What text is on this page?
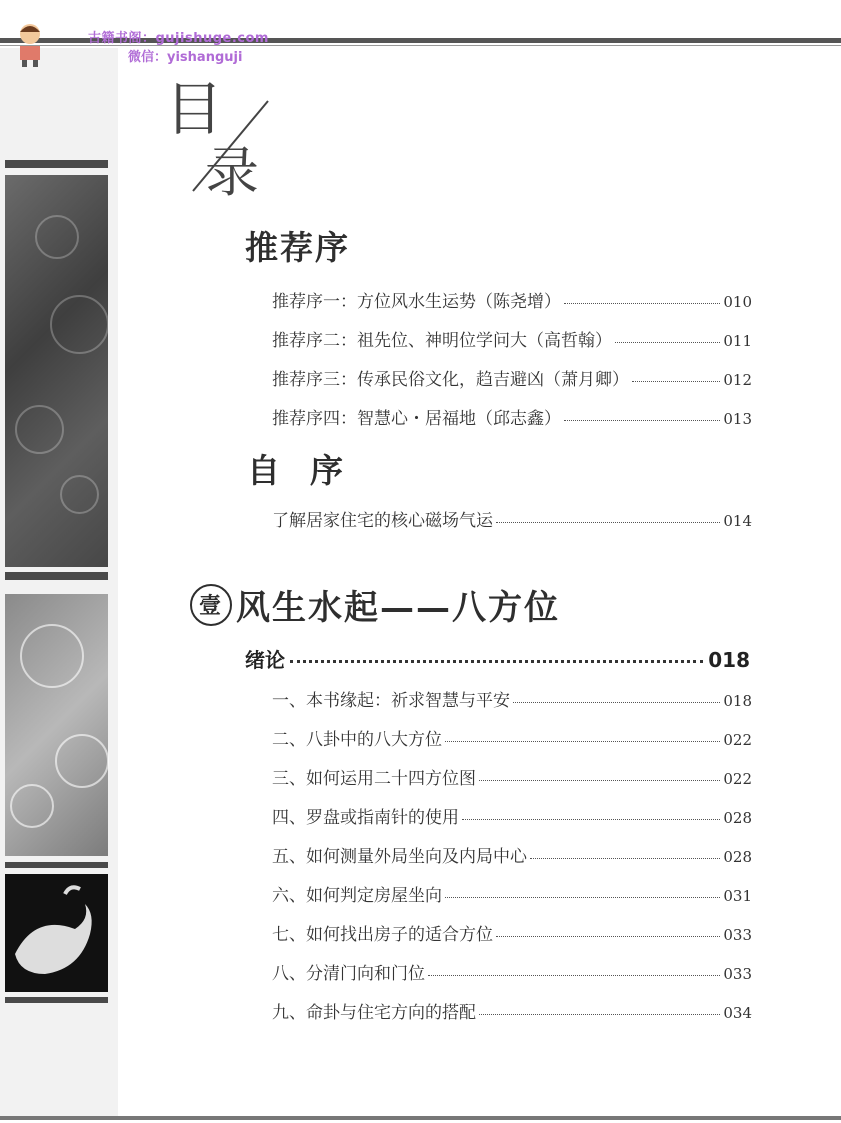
古籍书阁：gujishuge.com
微信：yishanguji
目
录
推荐序
推荐序一：方位风水生运势（陈尧增）	010
推荐序二：祖先位、神明位学问大（高哲翰）	011
推荐序三：传承民俗文化，趋吉避凶（萧月卿）	012
推荐序四：智慧心・居福地（邱志鑫）	013
自序
了解居家住宅的核心磁场气运	014
壹 风生水起——八方位
绪论	018
一、本书缘起：祈求智慧与平安	018
二、八卦中的八大方位	022
三、如何运用二十四方位图	022
四、罗盘或指南针的使用	028
五、如何测量外局坐向及内局中心	028
六、如何判定房屋坐向	031
七、如何找出房子的适合方位	033
八、分清门向和门位	033
九、命卦与住宅方向的搭配	034
